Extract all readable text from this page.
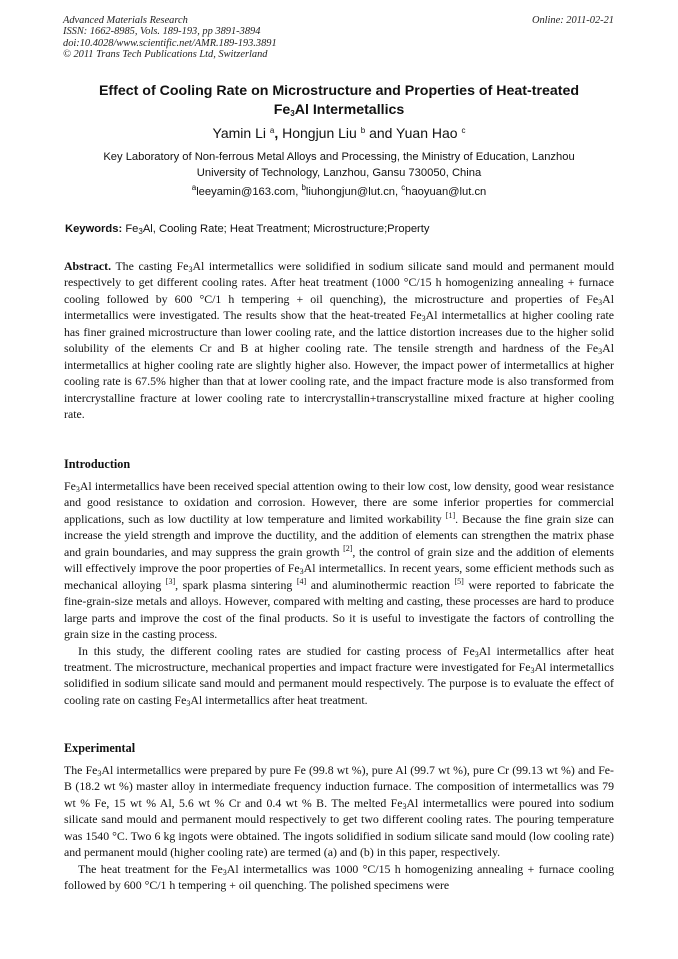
Advanced Materials Research
ISSN: 1662-8985, Vols. 189-193, pp 3891-3894
doi:10.4028/www.scientific.net/AMR.189-193.3891
© 2011 Trans Tech Publications Ltd, Switzerland
Online: 2011-02-21
Effect of Cooling Rate on Microstructure and Properties of Heat-treated
$Fe_3Al$ Intermetallics
Yamin Li $^a$, Hongjun Liu $^b$ and Yuan Hao $^c$
Key Laboratory of Non-ferrous Metal Alloys and Processing, the Ministry of Education, Lanzhou
University of Technology, Lanzhou, Gansu 730050, China
$^a$leeyamin@163.com, $^b$liuhongjun@lut.cn, $^c$haoyuan@lut.cn
Keywords: $Fe_3Al$, Cooling Rate; Heat Treatment; Microstructure;Property
Abstract. The casting $Fe_3Al$ intermetallics were solidified in sodium silicate sand mould and permanent mould respectively to get different cooling rates. After heat treatment (1000 °C/15 h homogenizing annealing + furnace cooling followed by 600 °C/1 h tempering + oil quenching), the microstructure and properties of $Fe_3Al$ intermetallics were investigated. The results show that the heat-treated $Fe_3Al$ intermetallics at higher cooling rate has finer grained microstructure than lower cooling rate, and the lattice distortion increases due to the higher solid solubility of the elements Cr and B at higher cooling rate. The tensile strength and hardness of the $Fe_3Al$ intermetallics at higher cooling rate are slightly higher also. However, the impact power of intermetallics at higher cooling rate is 67.5% higher than that at lower cooling rate, and the impact fracture mode is also transformed from intercrystalline fracture at lower cooling rate to intercrystallin+transcrystalline mixed fracture at higher cooling rate.
Introduction
$Fe_3Al$ intermetallics have been received special attention owing to their low cost, low density, good wear resistance and good resistance to oxidation and corrosion. However, there are some inferior properties for commercial applications, such as low ductility at low temperature and limited workability [1]. Because the fine grain size can increase the yield strength and improve the ductility, and the addition of elements can strengthen the matrix phase and grain boundaries, and may suppress the grain growth [2], the control of grain size and the addition of elements will effectively improve the poor properties of $Fe_3Al$ intermetallics. In recent years, some efficient methods such as mechanical alloying [3], spark plasma sintering [4] and aluminothermic reaction [5] were reported to fabricate the fine-grain-size metals and alloys. However, compared with melting and casting, these processes are hard to produce large parts and improve the cost of the final products. So it is useful to investigate the factors of controlling the grain size in the casting process.
In this study, the different cooling rates are studied for casting process of $Fe_3Al$ intermetallics after heat treatment. The microstructure, mechanical properties and impact fracture were investigated for $Fe_3Al$ intermetallics solidified in sodium silicate sand mould and permanent mould respectively. The purpose is to evaluate the effect of cooling rate on casting $Fe_3Al$ intermetallics after heat treatment.
Experimental
The $Fe_3Al$ intermetallics were prepared by pure Fe (99.8 wt %), pure Al (99.7 wt %), pure Cr (99.13 wt %) and Fe-B (18.2 wt %) master alloy in intermediate frequency induction furnace. The composition of intermetallics was 79 wt % Fe, 15 wt % Al, 5.6 wt % Cr and 0.4 wt % B. The melted $Fe_3Al$ intermetallics were poured into sodium silicate sand mould and permanent mould respectively to get two different cooling rates. The pouring temperature was 1540 °C. Two 6 kg ingots were obtained. The ingots solidified in sodium silicate sand mould (low cooling rate) and permanent mould (higher cooling rate) are termed (a) and (b) in this paper, respectively.
The heat treatment for the $Fe_3Al$ intermetallics was 1000 °C/15 h homogenizing annealing + furnace cooling followed by 600 °C/1 h tempering + oil quenching. The polished specimens were
